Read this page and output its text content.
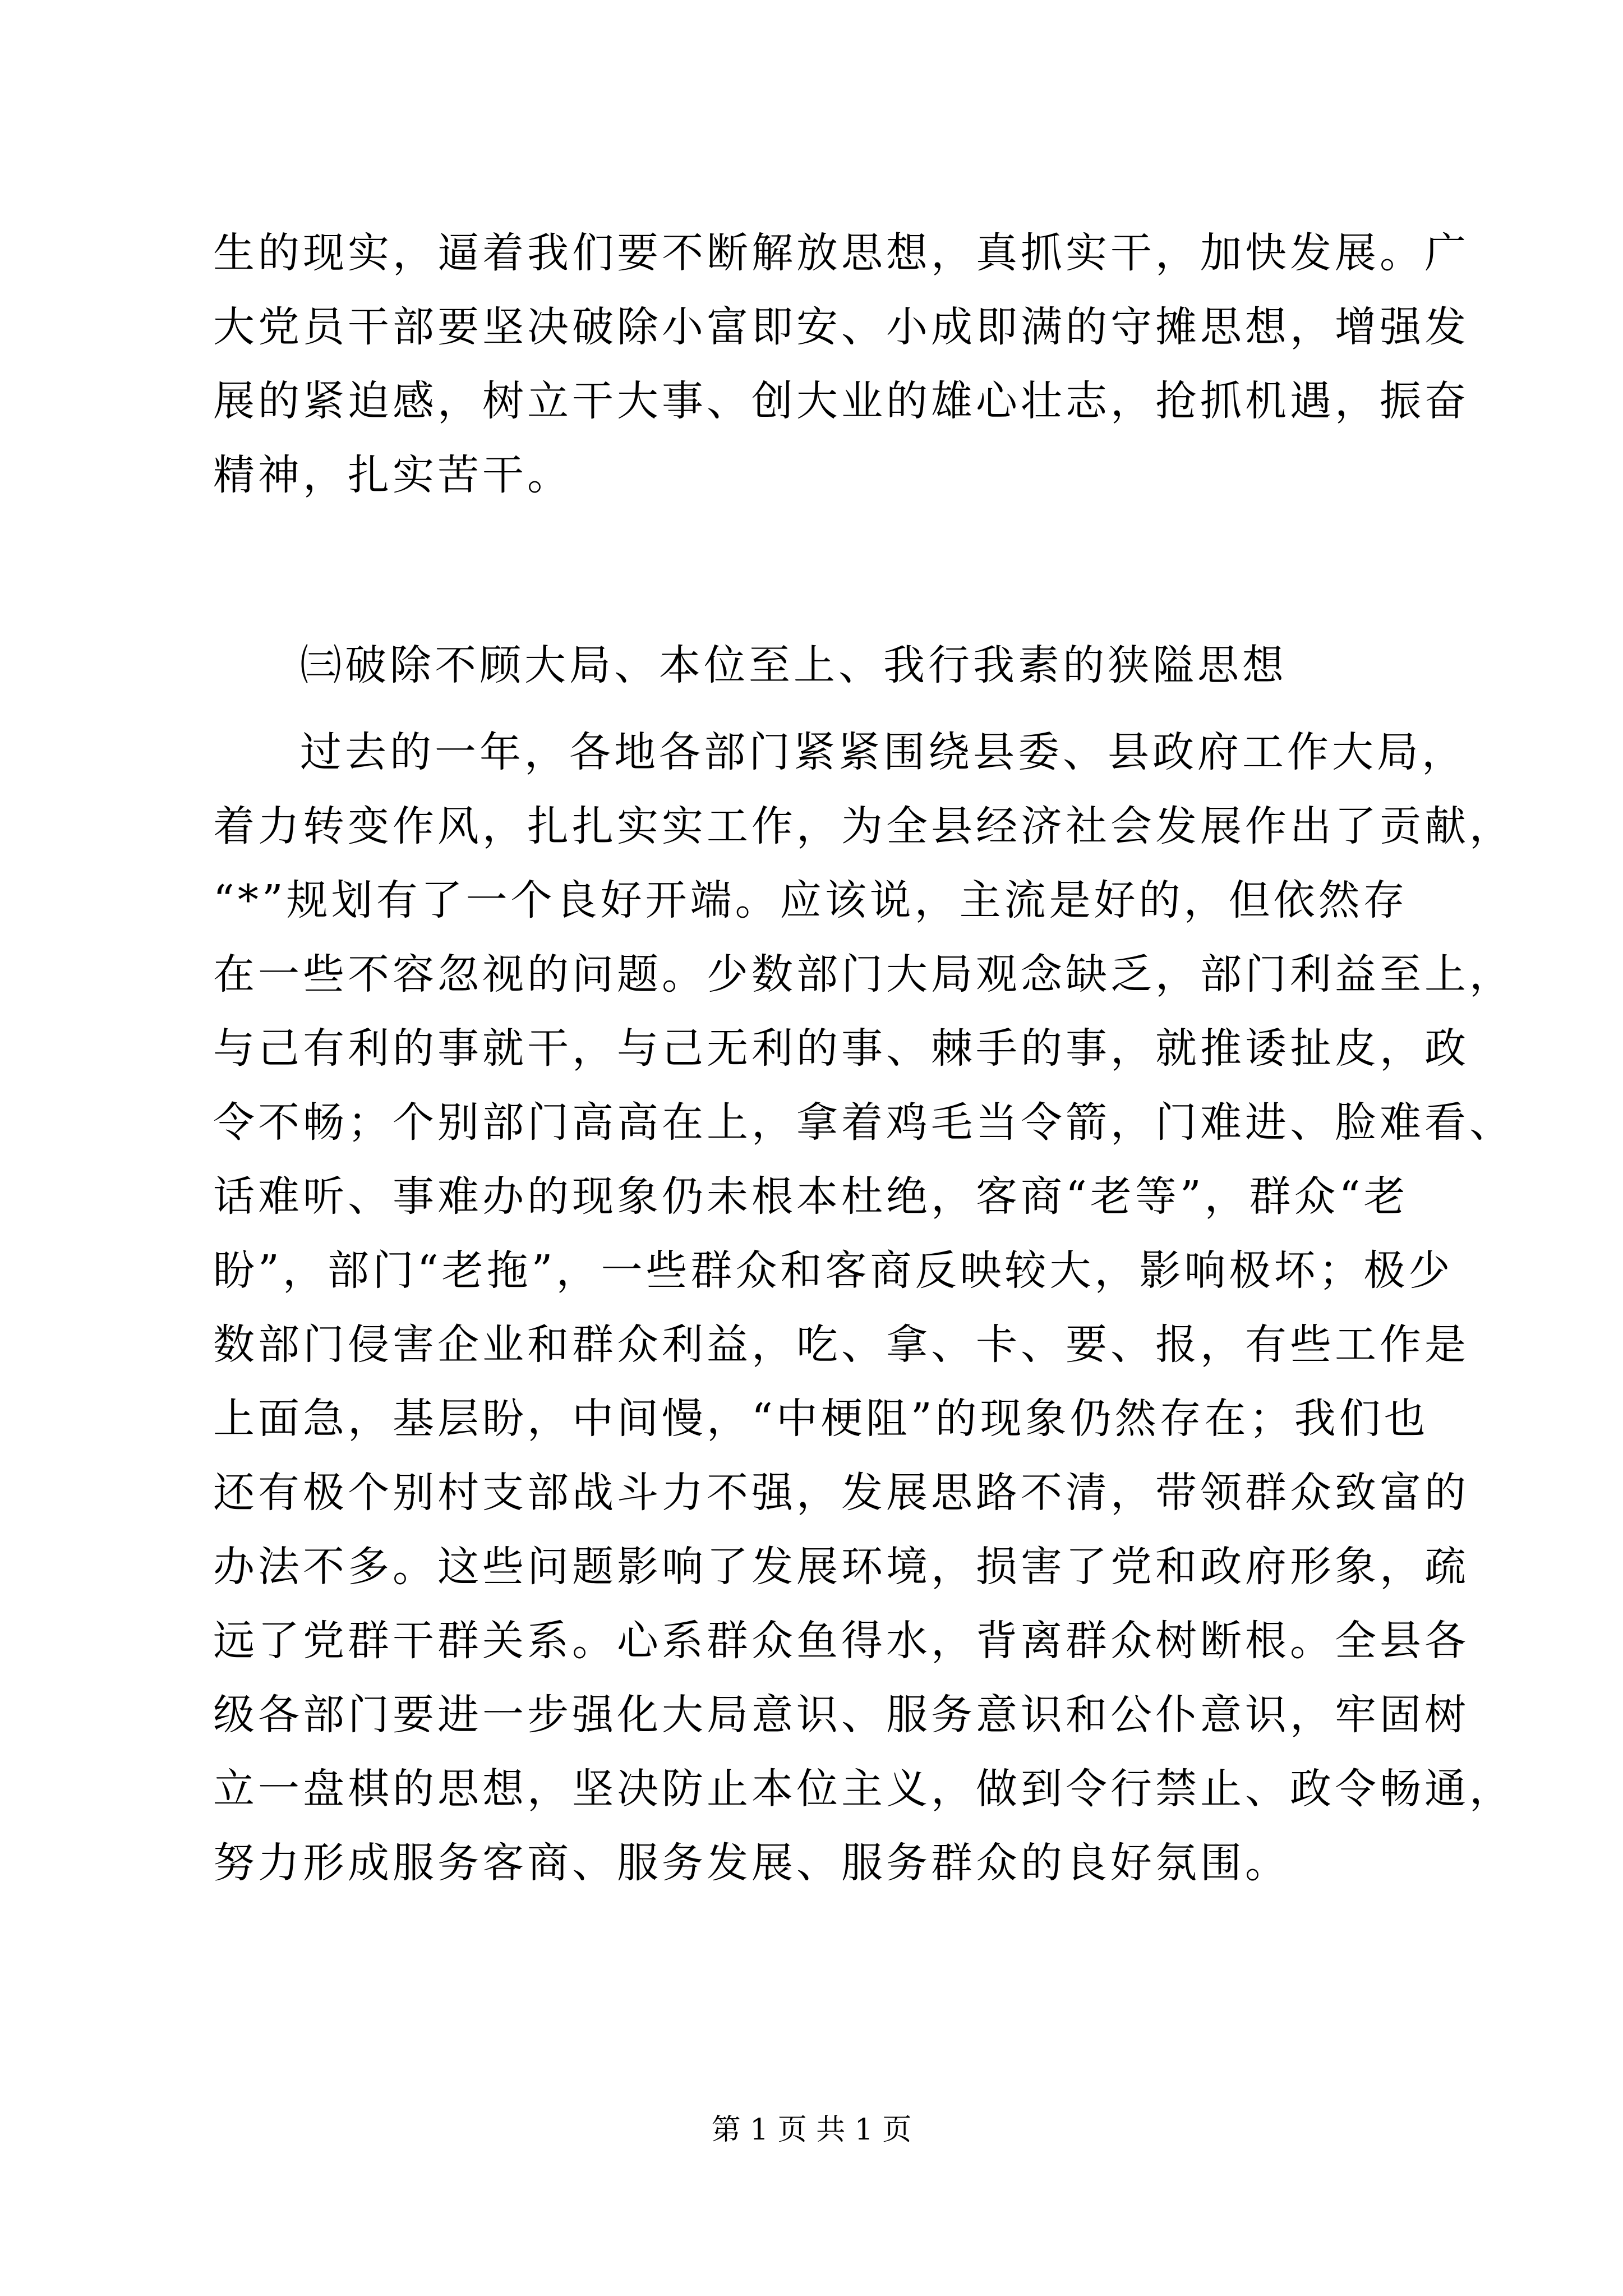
生的现实，逼着我们要不断解放思想，真抓实干，加快发展。广
大党员干部要坚决破除小富即安、小成即满的守摊思想，增强发
展的紧迫感，树立干大事、创大业的雄心壮志，抢抓机遇，振奋
精神，扎实苦干。

㈢破除不顾大局、本位至上、我行我素的狭隘思想

过去的一年，各地各部门紧紧围绕县委、县政府工作大局，
着力转变作风，扎扎实实工作，为全县经济社会发展作出了贡献，
“*”规划有了一个良好开端。应该说，主流是好的，但依然存
在一些不容忽视的问题。少数部门大局观念缺乏，部门利益至上，
与己有利的事就干，与己无利的事、棘手的事，就推诿扯皮，政
令不畅；个别部门高高在上，拿着鸡毛当令箭，门难进、脸难看、
话难听、事难办的现象仍未根本杜绝，客商“老等”，群众“老
盼”，部门“老拖”，一些群众和客商反映较大，影响极坏；极少
数部门侵害企业和群众利益，吃、拿、卡、要、报，有些工作是
上面急，基层盼，中间慢，“中梗阻”的现象仍然存在；我们也
还有极个别村支部战斗力不强，发展思路不清，带领群众致富的
办法不多。这些问题影响了发展环境，损害了党和政府形象，疏
远了党群干群关系。心系群众鱼得水，背离群众树断根。全县各
级各部门要进一步强化大局意识、服务意识和公仆意识，牢固树
立一盘棋的思想，坚决防止本位主义，做到令行禁止、政令畅通，
努力形成服务客商、服务发展、服务群众的良好氛围。
第 1 页 共 1 页
